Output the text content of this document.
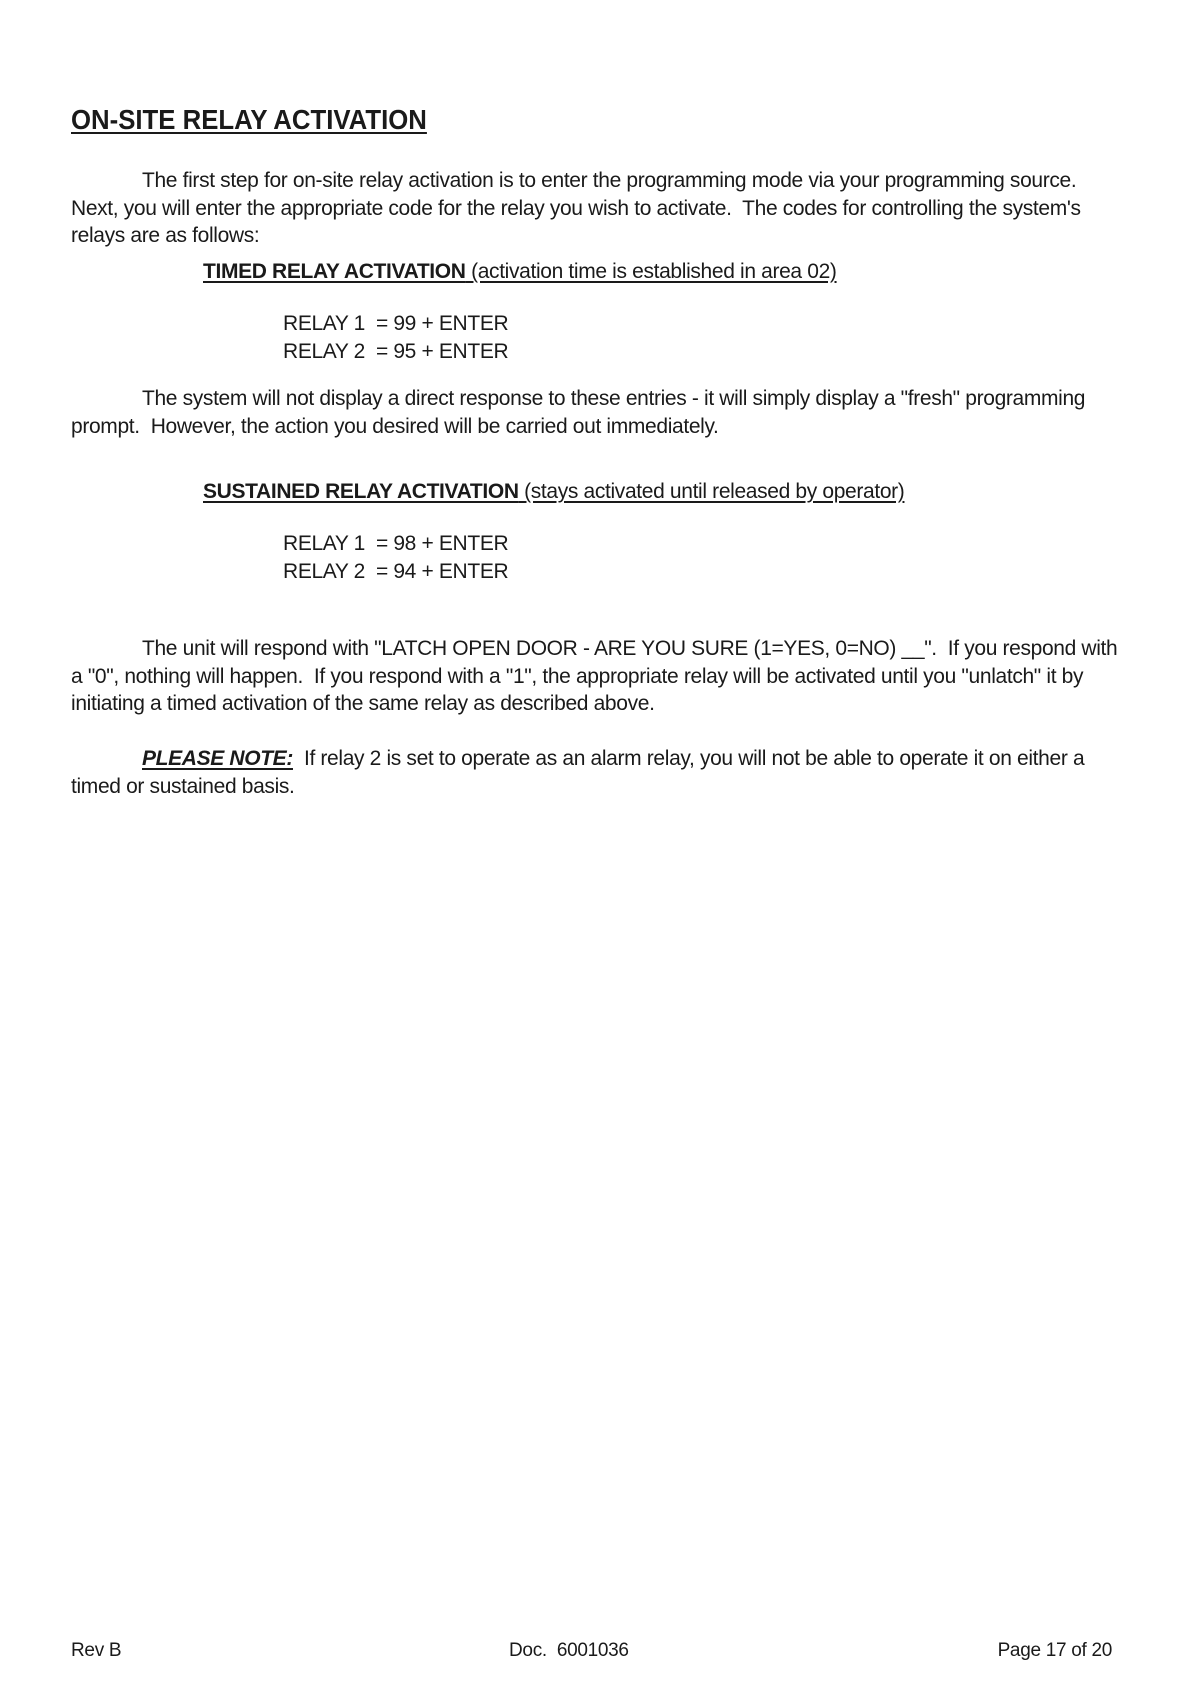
ON-SITE RELAY ACTIVATION

The first step for on-site relay activation is to enter the programming mode via your programming source.  Next, you will enter the appropriate code for the relay you wish to activate.  The codes for controlling the system's relays are as follows:

TIMED RELAY ACTIVATION (activation time is established in area 02)

RELAY 1  = 99 + ENTER
RELAY 2  = 95 + ENTER

The system will not display a direct response to these entries - it will simply display a "fresh" programming prompt.  However, the action you desired will be carried out immediately.

SUSTAINED RELAY ACTIVATION (stays activated until released by operator)

RELAY 1  = 98 + ENTER
RELAY 2  = 94 + ENTER

The unit will respond with "LATCH OPEN DOOR - ARE YOU SURE (1=YES, 0=NO) __".  If you respond with a "0", nothing will happen.  If you respond with a "1", the appropriate relay will be activated until you "unlatch" it by initiating a timed activation of the same relay as described above.

PLEASE NOTE:  If relay 2 is set to operate as an alarm relay, you will not be able to operate it on either a timed or sustained basis.

Rev B	Doc.  6001036	Page 17 of 20
